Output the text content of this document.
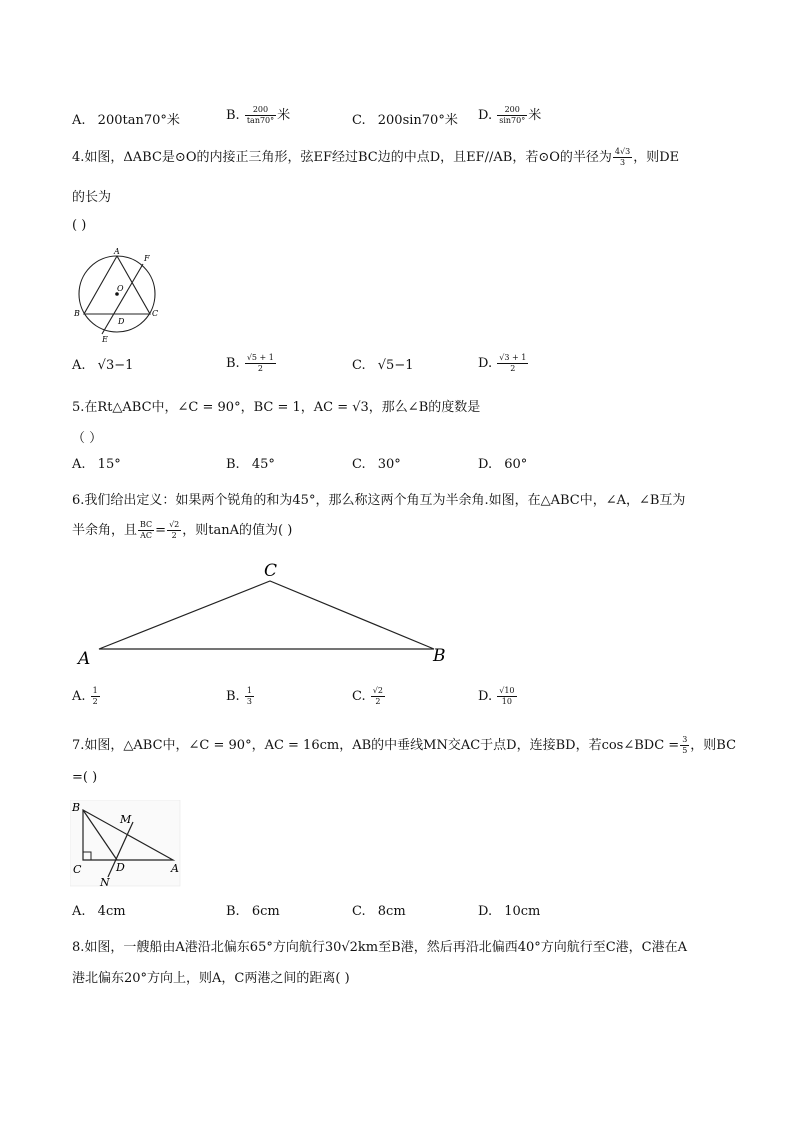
A. 200tan70°米	B. $\frac{200}{\tan 70^\circ}$ 米	C. 200sin70°米 D. $\frac{200}{\sin 70^\circ}$ 米
4.如图，ΔABC是⊙O的内接正三角形，弦EF经过BC边的中点D，且EF//AB，若⊙O的半径为 $\frac{4√3}{3}$ ，则DE
的长为
( )
A
F
O
B
D
C
E
A. √3−1	B. $\frac{√5 + 1}{2}$	C. √5−1	D. $\frac{√3 + 1}{2}$
5.在Rt△ABC中，∠C = 90°，BC = 1，AC = √3，那么∠B的度数是
（ ）
A. 15°	B. 45°	C. 30°	D. 60°
6.我们给出定义：如果两个锐角的和为45°，那么称这两个角互为半余角.如图，在△ABC中，∠A，∠B互为
半余角，且 $\frac{BC}{AC} = \frac{√2}{2}$ ，则tanA的值为( )
C
A	B
A. $\frac{1}{2}$	B. $\frac{1}{3}$	C. $\frac{√2}{2}$	D. $\frac{√10}{10}$
7.如图，△ABC中，∠C = 90°，AC = 16cm，AB的中垂线MN交AC于点D，连接BD，若cos∠BDC = $\frac{3}{5}$ ，则BC
=( )
B
M
C	D	A
N
A. 4cm	B. 6cm	C. 8cm	D. 10cm
8.如图，一艘船由A港沿北偏东65°方向航行30√2km至B港，然后再沿北偏西40°方向航行至C港，C港在A
港北偏东20°方向上，则A，C两港之间的距离( )
